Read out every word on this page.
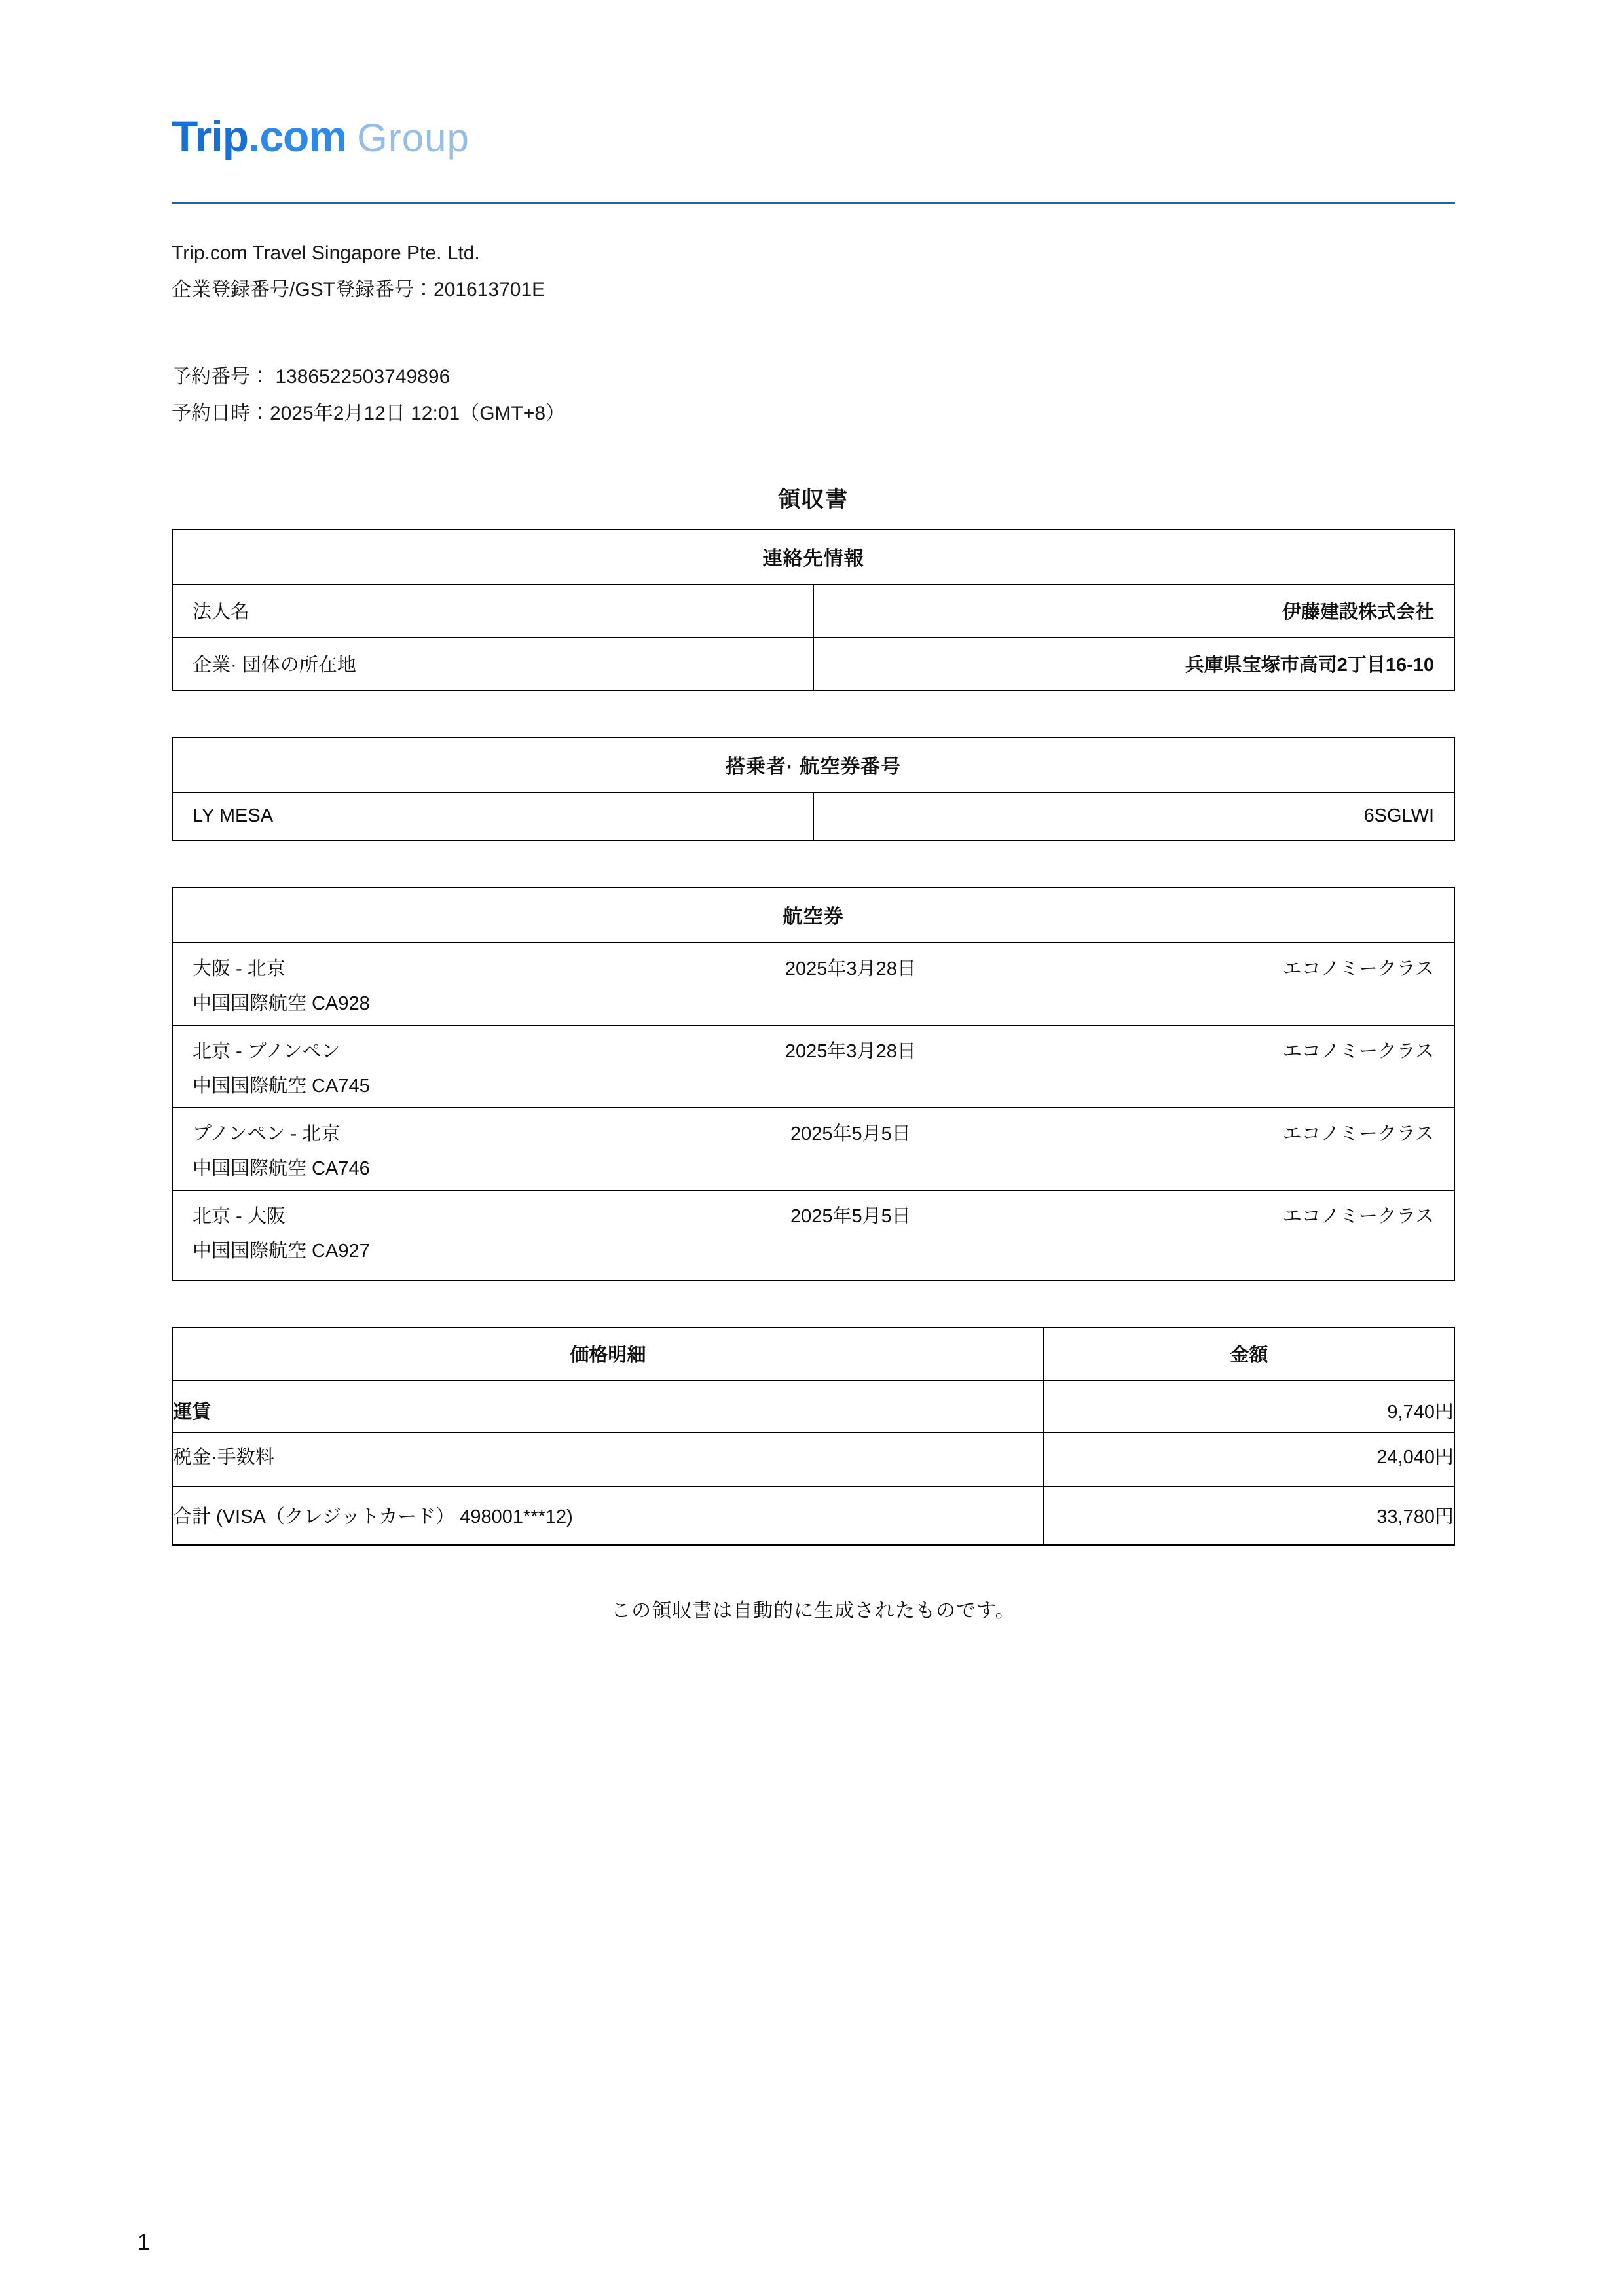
Trip.com Group
Trip.com Travel Singapore Pte. Ltd.
企業登録番号/GST登録番号：201613701E
予約番号： 1386522503749896
予約日時：2025年2月12日 12:01（GMT+8）
領収書
連絡先情報	
法人名	伊藤建設株式会社
企業· 団体の所在地	兵庫県宝塚市高司2丁目16-10
搭乗者· 航空券番号
LY MESA	6SGLWI
航空券

大阪 - 北京	2025年3月28日	エコノミークラス
中国国際航空 CA928

北京 - プノンペン	2025年3月28日	エコノミークラス
中国国際航空 CA745

プノンペン - 北京	2025年5月5日	エコノミークラス
中国国際航空 CA746

北京 - 大阪	2025年5月5日	エコノミークラス
中国国際航空 CA927
価格明細	金額
運賃	9,740円
税金·手数料	24,040円
合計 (VISA（クレジットカード） 498001***12)	33,780円
この領収書は自動的に生成されたものです。
1
